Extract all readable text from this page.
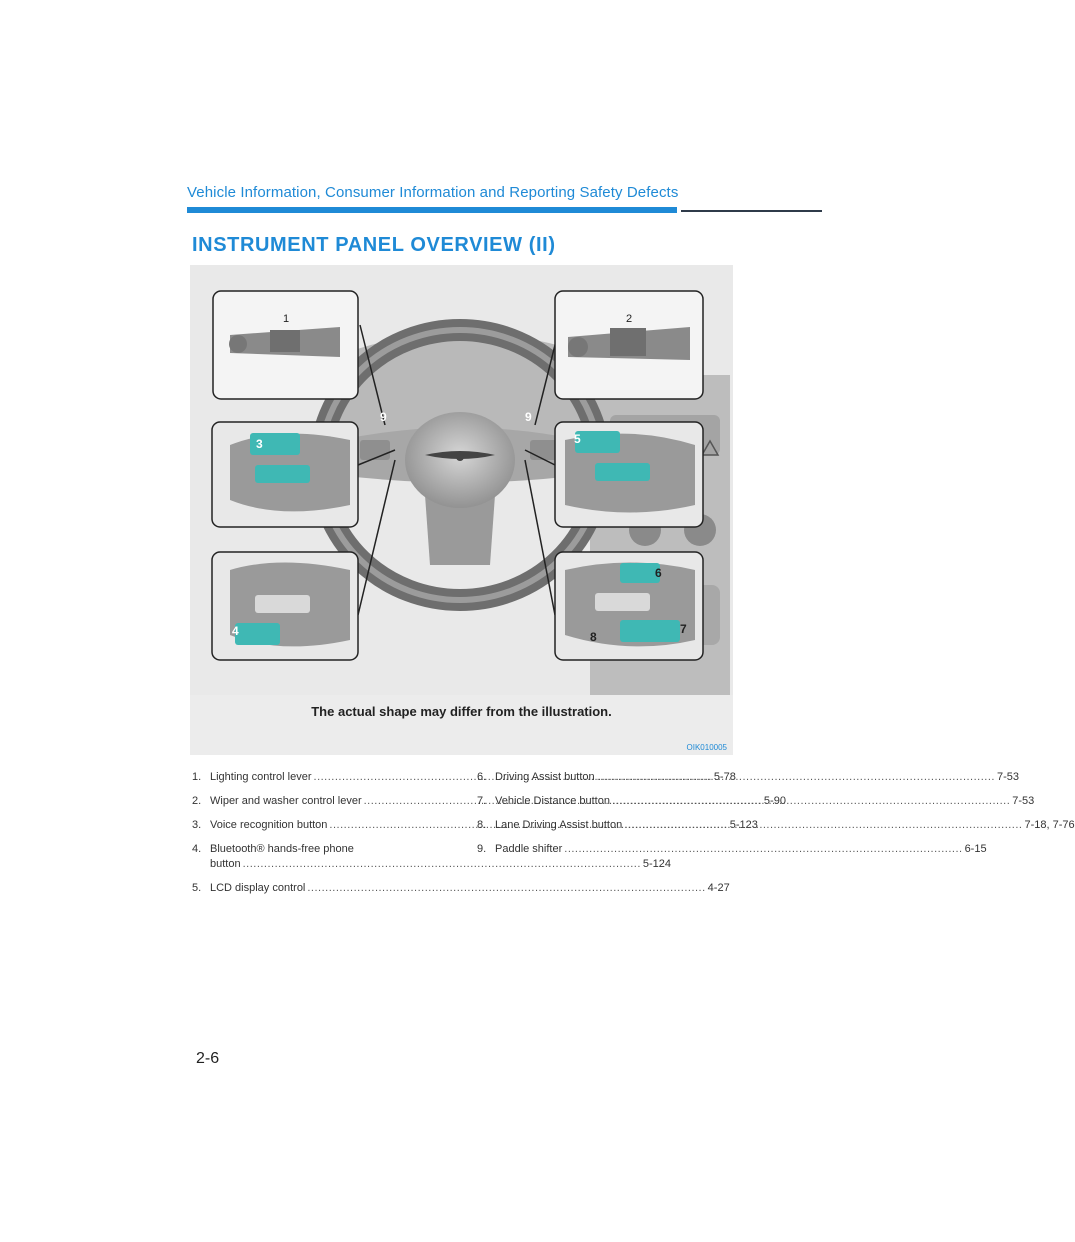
Vehicle Information, Consumer Information and Reporting Safety Defects
INSTRUMENT PANEL OVERVIEW (II)
1	2
3
4
5
6
7
8
9	9
The actual shape may differ from the illustration.
OIK010005
1. Lighting control lever .....	5-78
2. Wiper and washer control lever .....	5-90
3. Voice recognition button .....	5-123
4. Bluetooth® hands-free phone
button .....	5-124
5. LCD display control .....	4-27
6. Driving Assist button .....	7-53
7. Vehicle Distance button .....	7-53
8. Lane Driving Assist button .....	7-18, 7-76
9. Paddle shifter .....	6-15
2-6
